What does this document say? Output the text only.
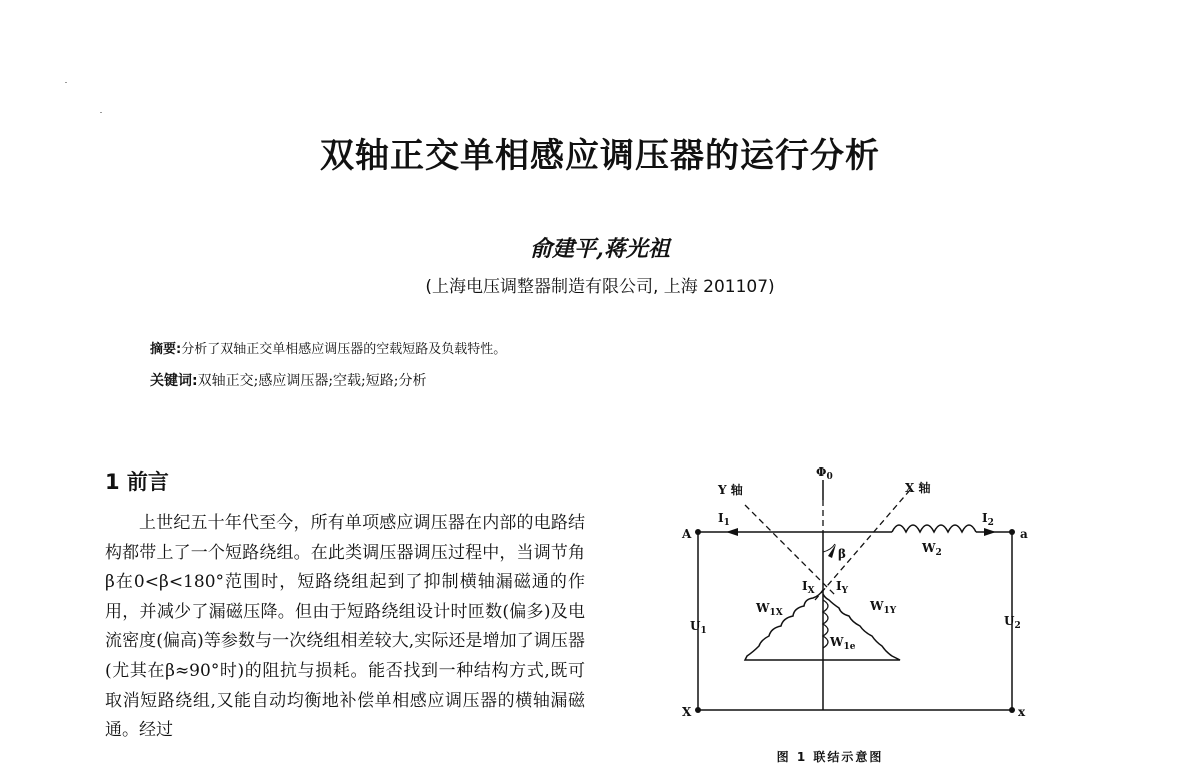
双轴正交单相感应调压器的运行分析
俞建平,蒋光祖
(上海电压调整器制造有限公司, 上海 201107)
摘要:分析了双轴正交单相感应调压器的空载短路及负载特性。
关键词:双轴正交;感应调压器;空载;短路;分析
1 前言

上世纪五十年代至今，所有单项感应调压器在内部的电路结构都带上了一个短路绕组。在此类调压器调压过程中，当调节角β在0<β<180°范围时，短路绕组起到了抑制横轴漏磁通的作用，并减少了漏磁压降。但由于短路绕组设计时匝数(偏多)及电流密度(偏高)等参数与一次绕组相差较大,实际还是增加了调压器(尤其在β≈90°时)的阻抗与损耗。能否找到一种结构方式,既可取消短路绕组,又能自动均衡地补偿单相感应调压器的横轴漏磁通。经过

$\Phi_0$
Y 轴	X 轴
A
X
a
x
$I_1$	$I_2$
$W_2$
β
$I_X$ $I_Y$
$W_{1X}$	$W_{1Y}$
$W_{1e}$
$U_1$
$U_2$
图 1 联结示意图
